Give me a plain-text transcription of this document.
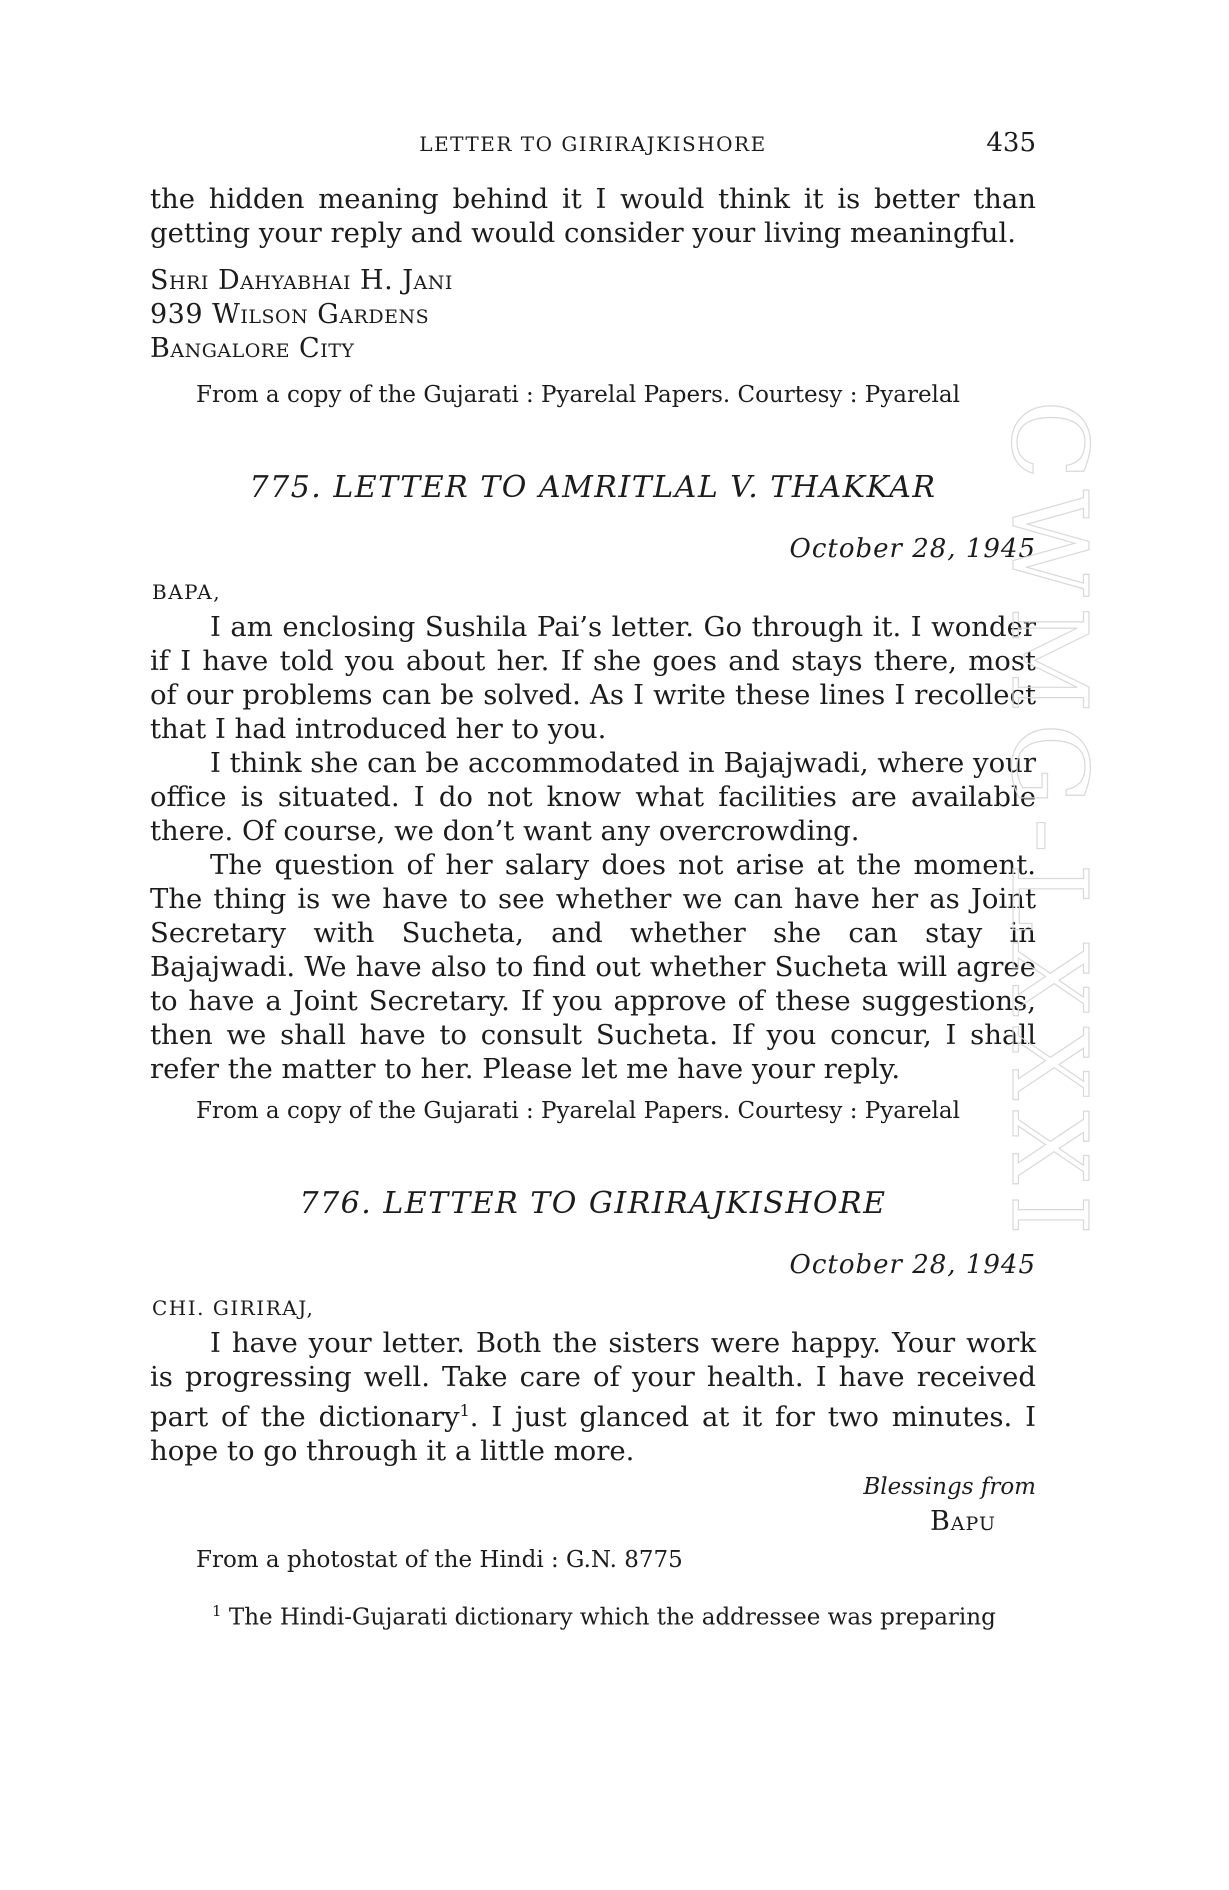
LETTER TO GIRIRAJKISHORE	435

the hidden meaning behind it I would think it is better than getting your reply and would consider your living meaningful.

Shri Dahyabhai H. Jani

939 Wilson Gardens

Bangalore City

From a copy of the Gujarati : Pyarelal Papers. Courtesy : Pyarelal

775. LETTER TO AMRITLAL V. THAKKAR

October 28, 1945

BAPA,

I am enclosing Sushila Pai’s letter. Go through it. I wonder if I have told you about her. If she goes and stays there, most of our problems can be solved. As I write these lines I recollect that I had introduced her to you.

I think she can be accommodated in Bajajwadi, where your office is situated. I do not know what facilities are available there. Of course, we don’t want any overcrowding.

The question of her salary does not arise at the moment. The thing is we have to see whether we can have her as Joint Secretary with Sucheta, and whether she can stay in Bajajwadi. We have also to find out whether Sucheta will agree to have a Joint Secretary. If you approve of these suggestions, then we shall have to consult Sucheta. If you concur, I shall refer the matter to her. Please let me have your reply.

From a copy of the Gujarati : Pyarelal Papers. Courtesy : Pyarelal

776. LETTER TO GIRIRAJKISHORE

October 28, 1945

CHI. GIRIRAJ,

I have your letter. Both the sisters were happy. Your work is progressing well. Take care of your health. I have received part of the dictionary$^1$. I just glanced at it for two minutes. I hope to go through it a little more.

Blessings from

Bapu

From a photostat of the Hindi : G.N. 8775

$^1$ The Hindi-Gujarati dictionary which the addressee was preparing

CWMG-LXXXI
